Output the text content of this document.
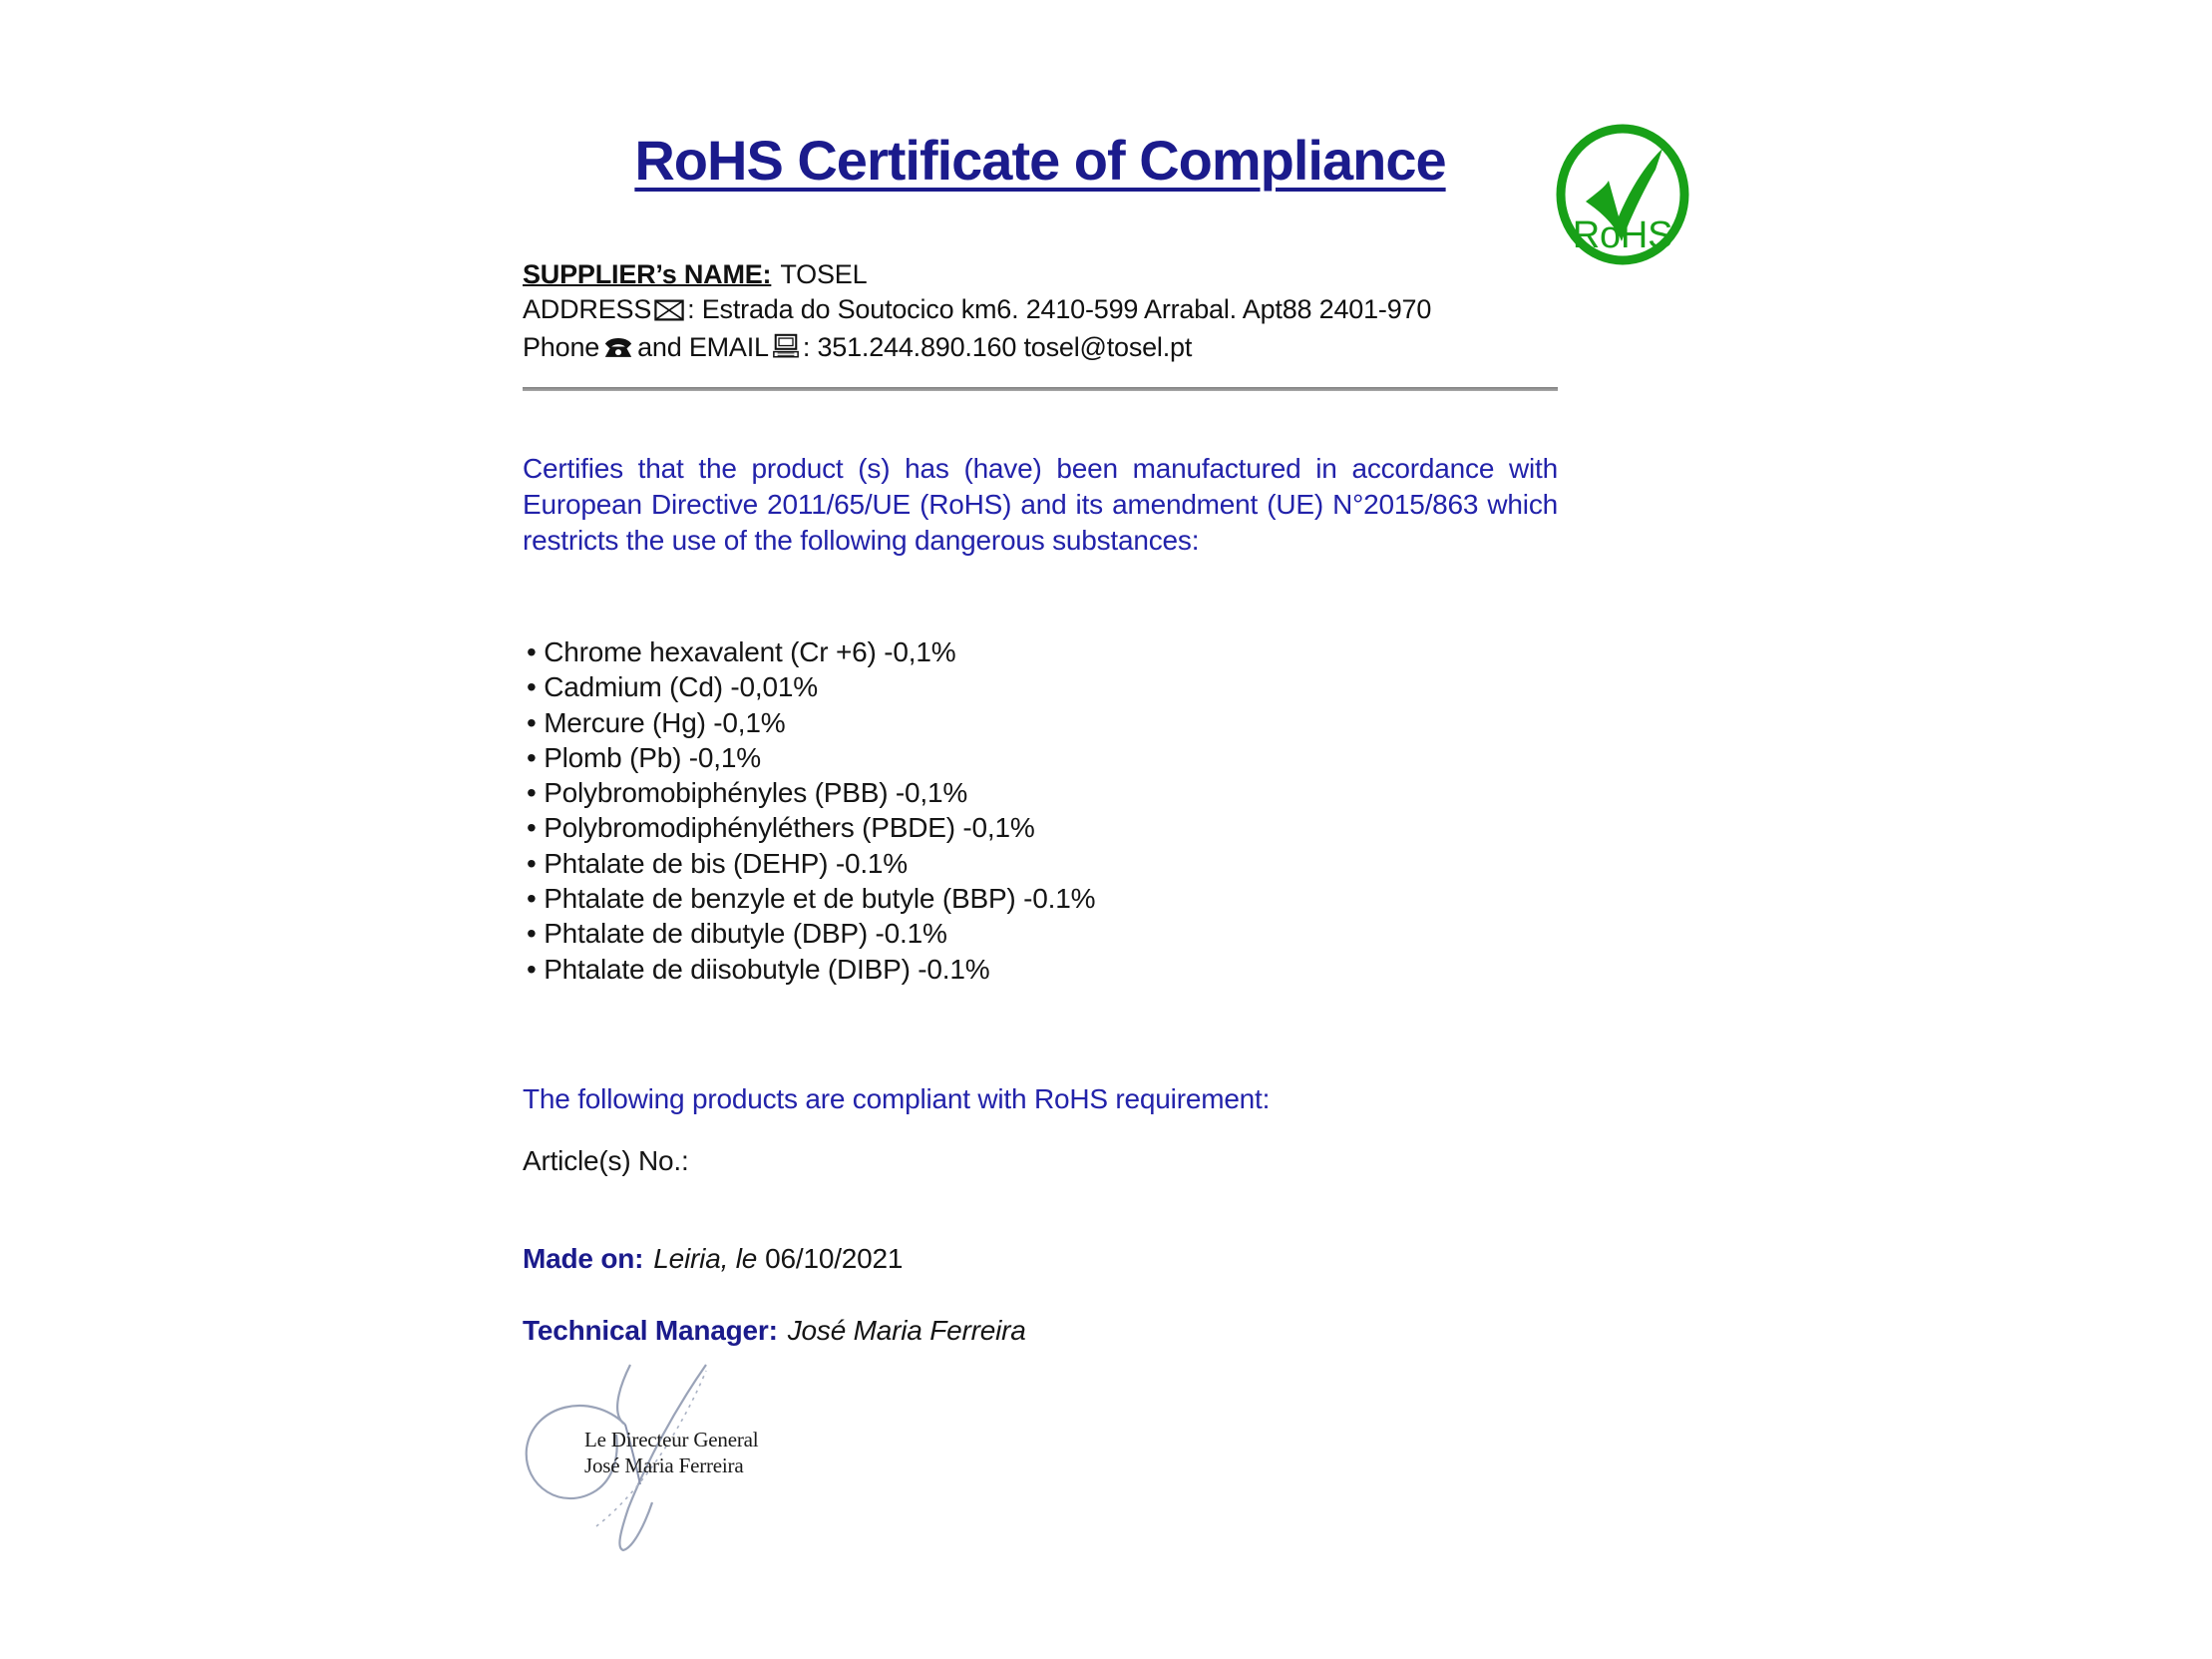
RoHS Certificate of Compliance
RoHS

SUPPLIER’s NAME: TOSEL

ADDRESS : Estrada do Soutocico km6. 2410-599 Arrabal. Apt88 2401-970

Phone and EMAIL : 351.244.890.160 tosel@tosel.pt

Certifies that the product (s) has (have) been manufactured in accordance with European Directive 2011/65/UE (RoHS) and its amendment (UE) N°2015/863 which restricts the use of the following dangerous substances:

• Chrome hexavalent (Cr +6) -0,1%
• Cadmium (Cd) -0,01%
• Mercure (Hg) -0,1%
• Plomb (Pb) -0,1%
• Polybromobiphényles (PBB) -0,1%
• Polybromodiphényléthers (PBDE) -0,1%
• Phtalate de bis (DEHP) -0.1%
• Phtalate de benzyle et de butyle (BBP) -0.1%
• Phtalate de dibutyle (DBP) -0.1%
• Phtalate de diisobutyle (DIBP) -0.1%

The following products are compliant with RoHS requirement:

Article(s) No.:

Made on: Leiria, le 06/10/2021

Technical Manager: José Maria Ferreira

Le Directeur General

José Maria Ferreira
